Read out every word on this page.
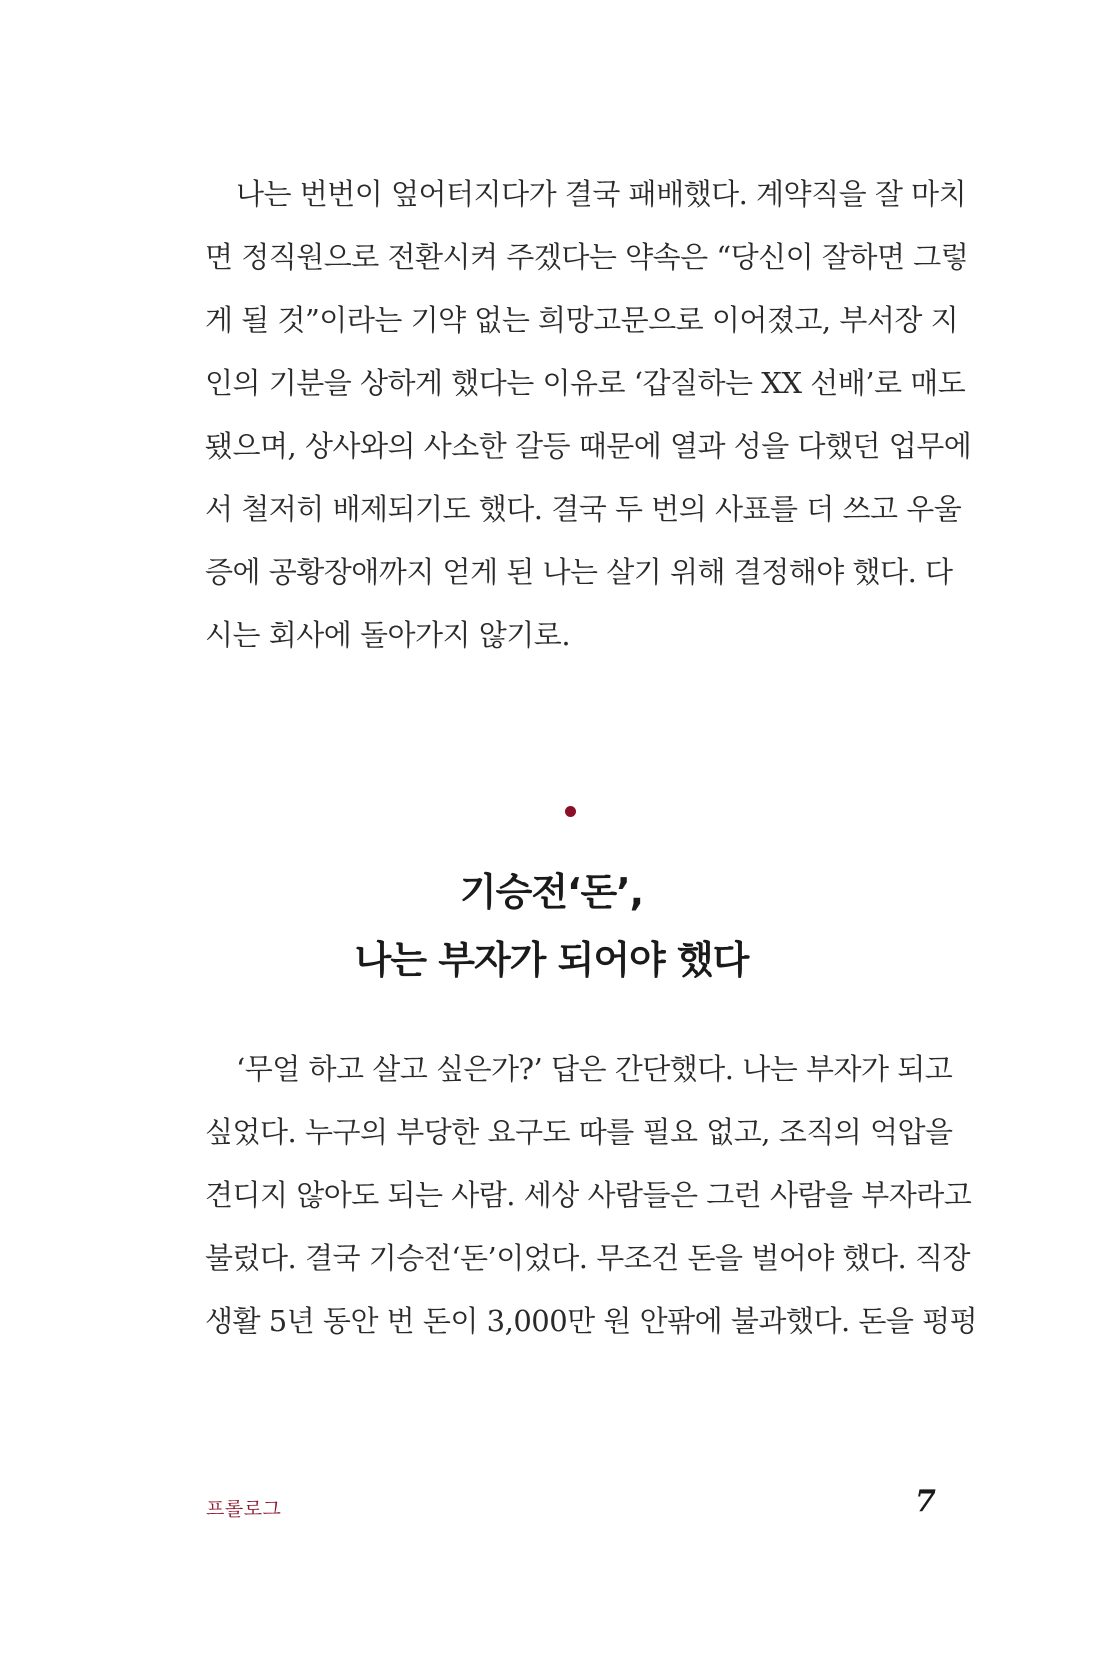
나는 번번이 엎어터지다가 결국 패배했다. 계약직을 잘 마치
면 정직원으로 전환시켜 주겠다는 약속은 “당신이 잘하면 그렇
게 될 것”이라는 기약 없는 희망고문으로 이어졌고, 부서장 지
인의 기분을 상하게 했다는 이유로 ‘갑질하는 XX 선배’로 매도
됐으며, 상사와의 사소한 갈등 때문에 열과 성을 다했던 업무에
서 철저히 배제되기도 했다. 결국 두 번의 사표를 더 쓰고 우울
증에 공황장애까지 얻게 된 나는 살기 위해 결정해야 했다. 다
시는 회사에 돌아가지 않기로.
기승전‘돈’,
나는 부자가 되어야 했다
‘무얼 하고 살고 싶은가?’ 답은 간단했다. 나는 부자가 되고
싶었다. 누구의 부당한 요구도 따를 필요 없고, 조직의 억압을
견디지 않아도 되는 사람. 세상 사람들은 그런 사람을 부자라고
불렀다. 결국 기승전‘돈’이었다. 무조건 돈을 벌어야 했다. 직장
생활 5년 동안 번 돈이 3,000만 원 안팎에 불과했다. 돈을 펑펑
프롤로그	7
